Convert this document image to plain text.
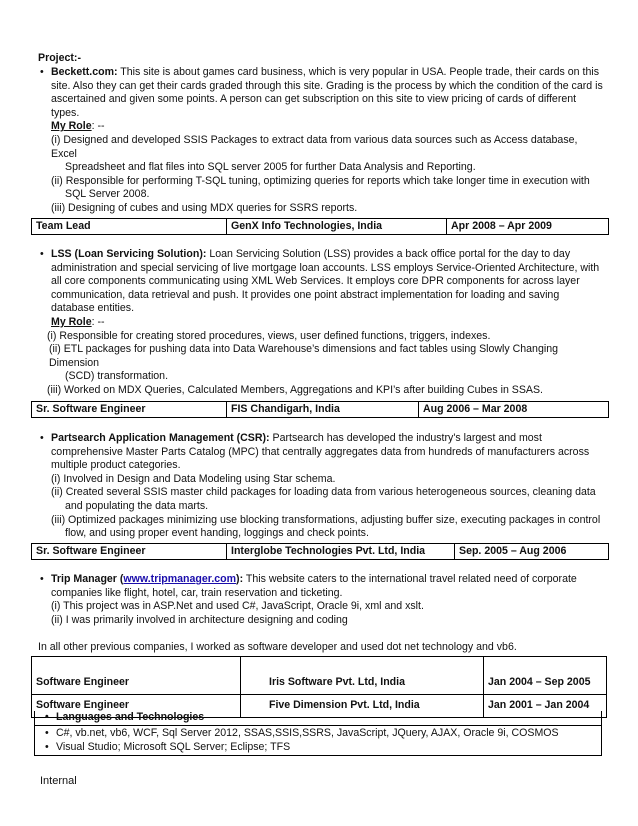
Project:-
• Beckett.com: This site is about games card business, which is very popular in USA. People trade, their cards on this site. Also they can get their cards graded through this site. Grading is the process by which the condition of the card is ascertained and given some points. A person can get subscription on this site to view pricing of cards of different types.
My Role: --
(i) Designed and developed SSIS Packages to extract data from various data sources such as Access database, Excel
Spreadsheet and flat files into SQL server 2005 for further Data Analysis and Reporting.
(ii) Responsible for performing T-SQL tuning, optimizing queries for reports which take longer time in execution with
SQL Server 2008.
(iii) Designing of cubes and using MDX queries for SSRS reports.
Team Lead	GenX Info Technologies, India	Apr 2008 – Apr 2009
• LSS (Loan Servicing Solution): Loan Servicing Solution (LSS) provides a back office portal for the day to day administration and special servicing of live mortgage loan accounts. LSS employs Service-Oriented Architecture, with all core components communicating using XML Web Services. It employs core DPR components for across layer communication, data retrieval and push. It provides one point abstract implementation for loading and saving database entities.
My Role: --
(i) Responsible for creating stored procedures, views, user defined functions, triggers, indexes.
(ii) ETL packages for pushing data into Data Warehouse’s dimensions and fact tables using Slowly Changing Dimension
(SCD) transformation.
(iii) Worked on MDX Queries, Calculated Members, Aggregations and KPI’s after building Cubes in SSAS.
Sr. Software Engineer	FIS Chandigarh, India	Aug 2006 – Mar 2008
• Partsearch Application Management (CSR): Partsearch has developed the industry's largest and most comprehensive Master Parts Catalog (MPC) that centrally aggregates data from hundreds of manufacturers across multiple product categories.
(i) Involved in Design and Data Modeling using Star schema.
(ii) Created several SSIS master child packages for loading data from various heterogeneous sources, cleaning data
and populating the data marts.
(iii) Optimized packages minimizing use blocking transformations, adjusting buffer size, executing packages in control
flow, and using proper event handing, loggings and check points.
Sr. Software Engineer	Interglobe Technologies Pvt. Ltd, India	Sep. 2005 – Aug 2006
• Trip Manager (www.tripmanager.com): This website caters to the international travel related need of corporate companies like flight, hotel, car, train reservation and ticketing.
(i) This project was in ASP.Net and used C#, JavaScript, Oracle 9i, xml and xslt.
(ii) I was primarily involved in architecture designing and coding
In all other previous companies, I worked as software developer and used dot net technology and vb6.
Software Engineer	Iris Software Pvt. Ltd, India	Jan 2004 – Sep 2005
Software Engineer	Five Dimension Pvt. Ltd, India	Jan 2001 – Jan 2004
• Languages and Technologies
• C#, vb.net, vb6, WCF, Sql Server 2012, SSAS,SSIS,SSRS, JavaScript, JQuery, AJAX, Oracle 9i, COSMOS
• Visual Studio; Microsoft SQL Server; Eclipse; TFS
Internal
